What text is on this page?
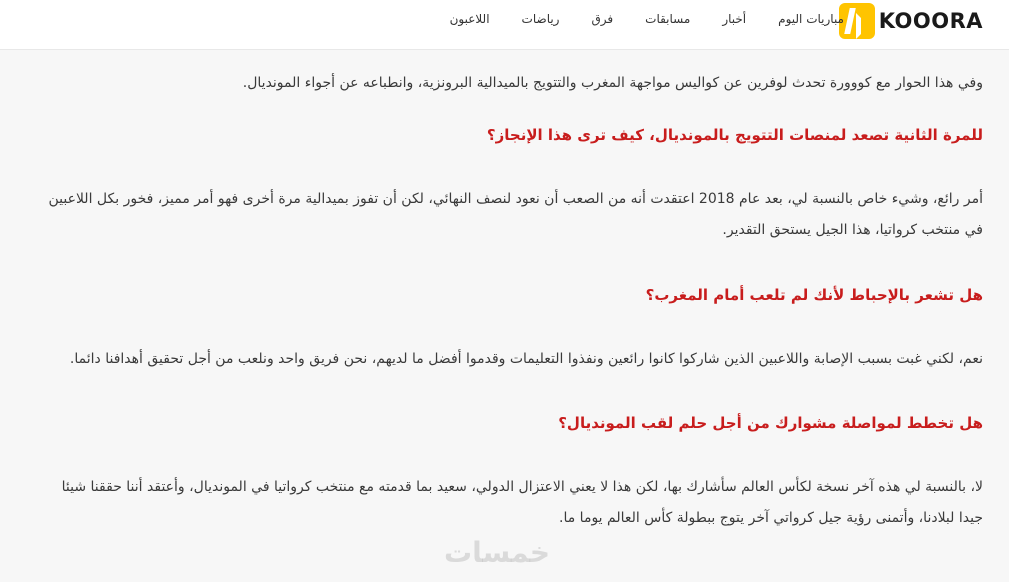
KOOORA
مباريات اليوم
أخبار
مسابقات
فرق
رياضات
اللاعبون

وفي هذا الحوار مع كووورة تحدث لوفرين عن كواليس مواجهة المغرب والتتويج بالميدالية البرونزية، وانطباعه عن أجواء المونديال.

للمرة الثانية تصعد لمنصات التتويج بالمونديال، كيف ترى هذا الإنجاز؟

أمر رائع، وشيء خاص بالنسبة لي، بعد عام 2018 اعتقدت أنه من الصعب أن نعود لنصف النهائي، لكن أن تفوز بميدالية مرة أخرى فهو أمر مميز، فخور بكل اللاعبين في منتخب كرواتيا، هذا الجيل يستحق التقدير.

هل تشعر بالإحباط لأنك لم تلعب أمام المغرب؟

نعم، لكني غبت بسبب الإصابة واللاعبين الذين شاركوا كانوا رائعين ونفذوا التعليمات وقدموا أفضل ما لديهم، نحن فريق واحد ونلعب من أجل تحقيق أهدافنا دائما.

هل تخطط لمواصلة مشوارك من أجل حلم لقب المونديال؟

لا، بالنسبة لي هذه آخر نسخة لكأس العالم سأشارك بها، لكن هذا لا يعني الاعتزال الدولي، سعيد بما قدمته مع منتخب كرواتيا في المونديال، وأعتقد أننا حققنا شيئا جيدا لبلادنا، وأتمنى رؤية جيل كرواتي آخر يتوج ببطولة كأس العالم يوما ما.

خمسات
